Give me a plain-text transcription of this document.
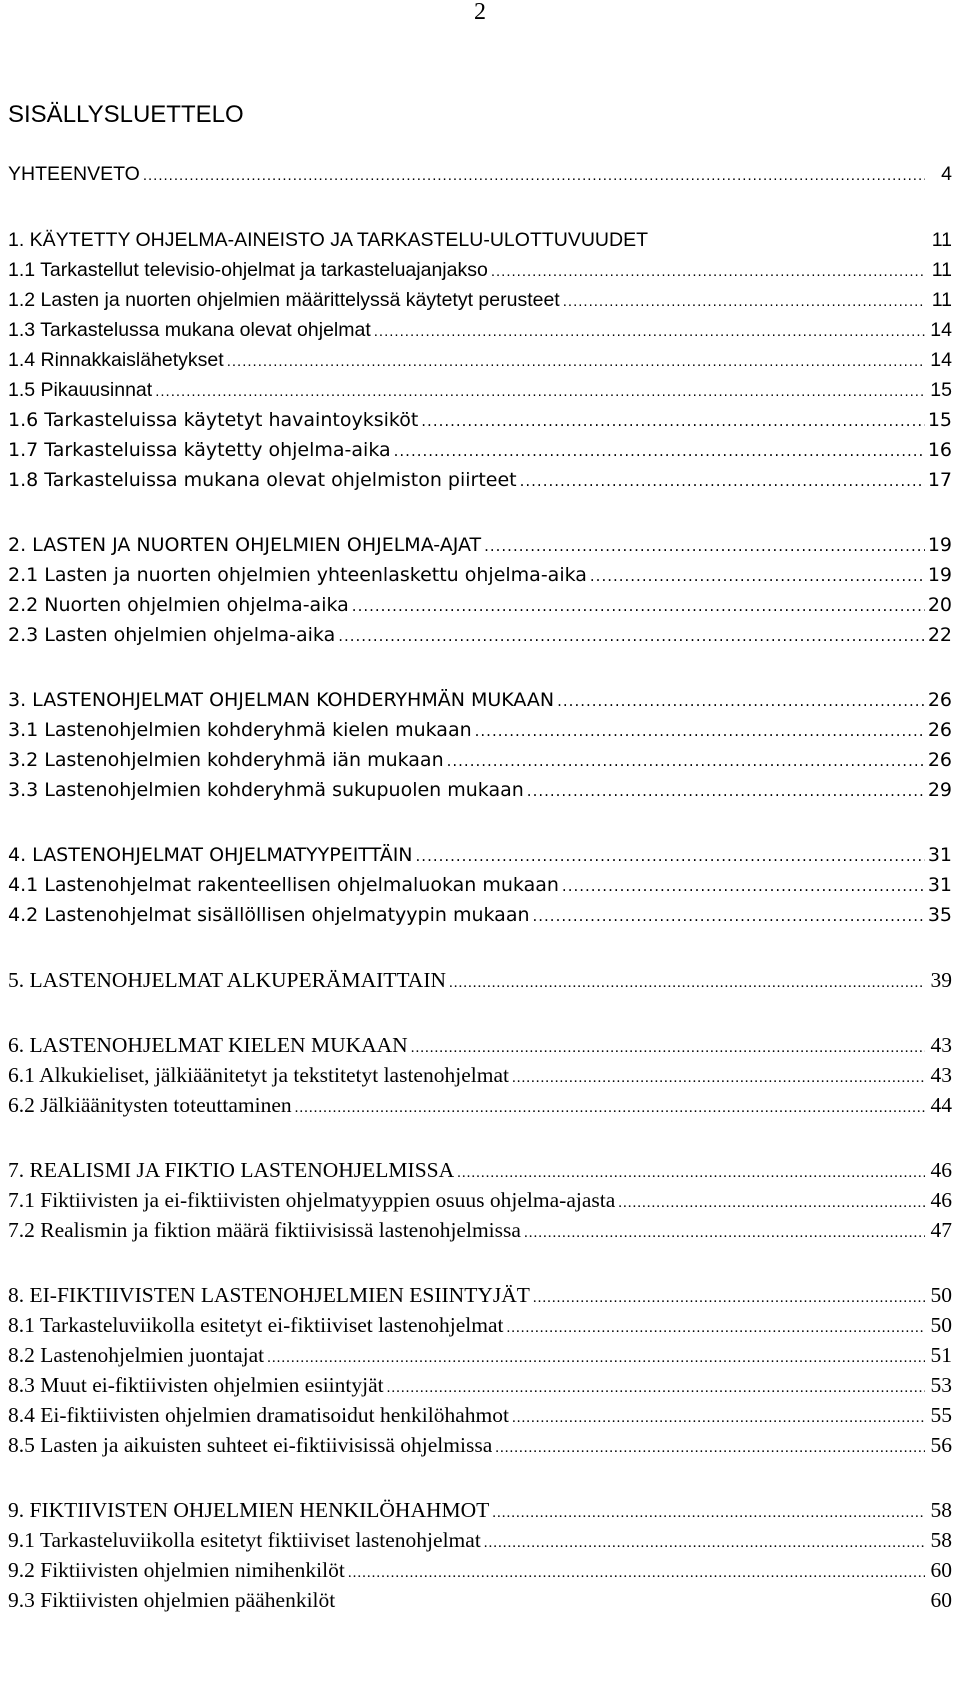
2
SISÄLLYSLUETTELO
YHTEENVETO .....	4
1. KÄYTETTY OHJELMA-AINEISTO JA TARKASTELU-ULOTTUVUUDET	11
1.1 Tarkastellut televisio-ohjelmat ja tarkasteluajanjakso .....	11
1.2 Lasten ja nuorten ohjelmien määrittelyssä käytetyt perusteet .....	11
1.3 Tarkastelussa mukana olevat ohjelmat .....	14
1.4 Rinnakkaislähetykset .....	14
1.5 Pikauusinnat .....	15
1.6 Tarkasteluissa käytetyt havaintoyksiköt .....	15
1.7 Tarkasteluissa käytetty ohjelma-aika .....	16
1.8 Tarkasteluissa mukana olevat ohjelmiston piirteet .....	17
2. LASTEN JA NUORTEN OHJELMIEN OHJELMA-AJAT .....	19
2.1 Lasten ja nuorten ohjelmien yhteenlaskettu ohjelma-aika .....	19
2.2 Nuorten ohjelmien ohjelma-aika .....	20
2.3 Lasten ohjelmien ohjelma-aika .....	22
3. LASTENOHJELMAT OHJELMAN KOHDERYHMÄN MUKAAN .....	26
3.1 Lastenohjelmien kohderyhmä kielen mukaan .....	26
3.2 Lastenohjelmien kohderyhmä iän mukaan .....	26
3.3 Lastenohjelmien kohderyhmä sukupuolen mukaan .....	29
4. LASTENOHJELMAT OHJELMATYYPEITTÄIN .....	31
4.1 Lastenohjelmat rakenteellisen ohjelmaluokan mukaan .....	31
4.2 Lastenohjelmat sisällöllisen ohjelmatyypin mukaan .....	35
5. LASTENOHJELMAT ALKUPERÄMAITTAIN .....	39
6. LASTENOHJELMAT KIELEN MUKAAN .....	43
6.1 Alkukieliset, jälkiäänitetyt ja tekstitetyt lastenohjelmat .....	43
6.2 Jälkiäänitysten toteuttaminen .....	44
7. REALISMI JA FIKTIO LASTENOHJELMISSA .....	46
7.1 Fiktiivisten ja ei-fiktiivisten ohjelmatyyppien osuus ohjelma-ajasta .....	46
7.2 Realismin ja fiktion määrä fiktiivisissä lastenohjelmissa .....	47
8. EI-FIKTIIVISTEN LASTENOHJELMIEN ESIINTYJÄT .....	50
8.1 Tarkasteluviikolla esitetyt ei-fiktiiviset lastenohjelmat .....	50
8.2 Lastenohjelmien juontajat .....	51
8.3 Muut ei-fiktiivisten ohjelmien esiintyjät .....	53
8.4 Ei-fiktiivisten ohjelmien dramatisoidut henkilöhahmot .....	55
8.5 Lasten ja aikuisten suhteet ei-fiktiivisissä ohjelmissa .....	56
9. FIKTIIVISTEN OHJELMIEN HENKILÖHAHMOT .....	58
9.1 Tarkasteluviikolla esitetyt fiktiiviset lastenohjelmat .....	58
9.2 Fiktiivisten ohjelmien nimihenkilöt .....	60
9.3 Fiktiivisten ohjelmien päähenkilöt	60
